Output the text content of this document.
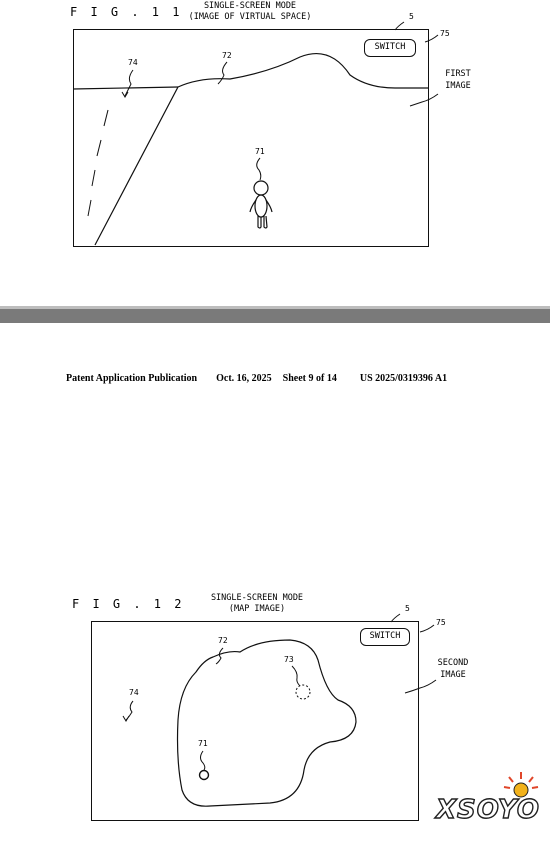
F I G . 1 1	SINGLE-SCREEN MODE
(IMAGE OF VIRTUAL SPACE)	5
75
SWITCH
74
72
71
FIRST
IMAGE
Patent Application Publication Oct. 16, 2025 Sheet 9 of 14 US 2025/0319396 A1
F I G . 1 2	SINGLE-SCREEN MODE
(MAP IMAGE)	5
75
SWITCH
72
73
74
71
SECOND
IMAGE
XSOYO
